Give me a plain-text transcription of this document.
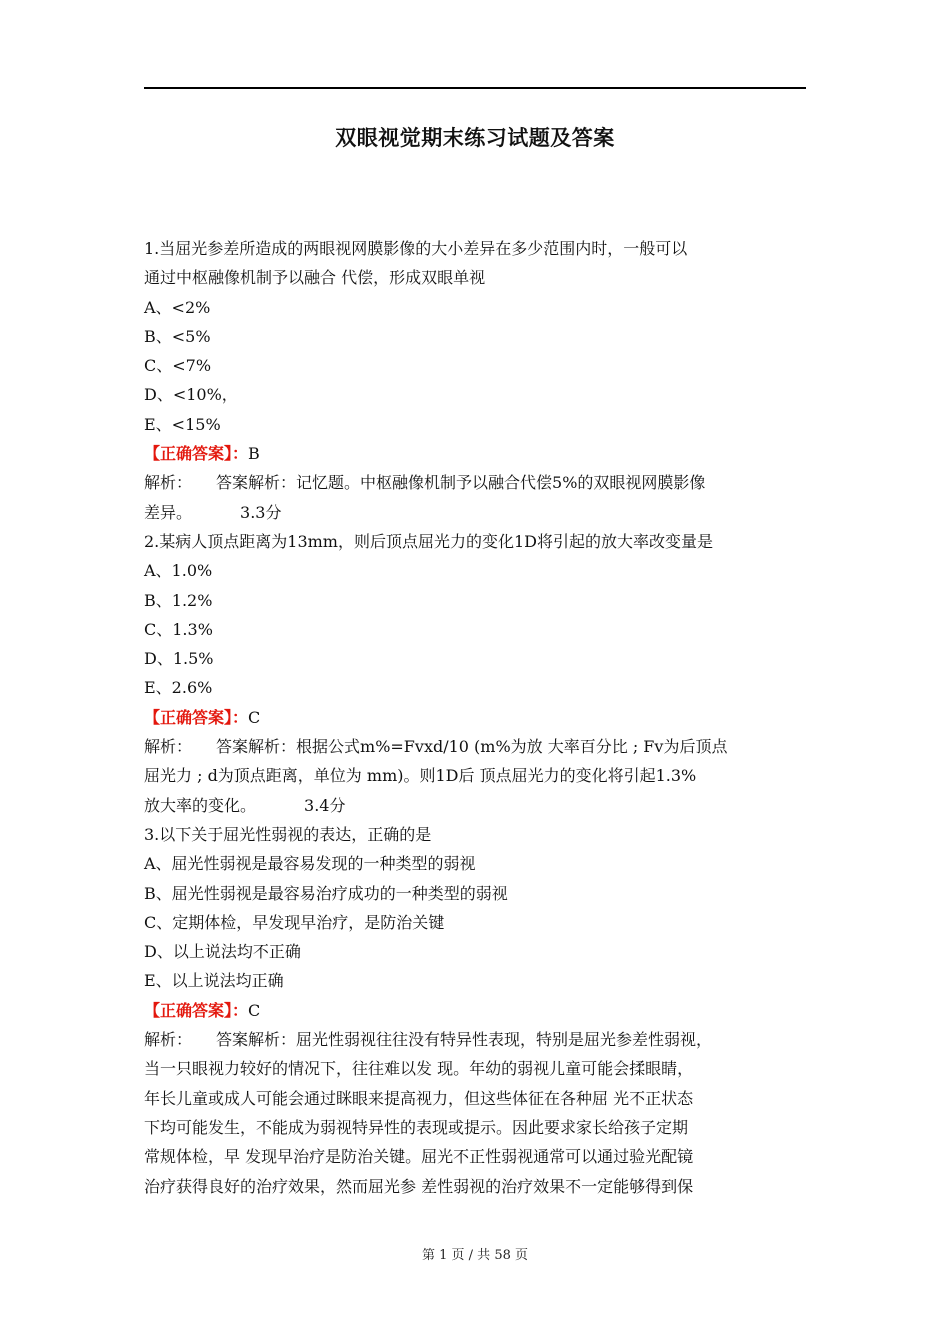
双眼视觉期末练习试题及答案
1.当屈光参差所造成的两眼视网膜影像的大小差异在多少范围内时，一般可以
通过中枢融像机制予以融合 代偿，形成双眼单视
A、<2%
B、<5%
C、<7%
D、<10%，
E、<15%
【正确答案】：B
解析： 答案解析：记忆题。中枢融像机制予以融合代偿5%的双眼视网膜影像
差异。	3.3分
2.某病人顶点距离为13mm，则后顶点屈光力的变化1D将引起的放大率改变量是
A、1.0%
B、1.2%
C、1.3%
D、1.5%
E、2.6%
【正确答案】：C
解析： 答案解析：根据公式m%=Fvxd/10 (m%为放 大率百分比 ; Fv为后顶点
屈光力 ; d为顶点距离，单位为 mm)。则1D后 顶点屈光力的变化将引起1.3%
放大率的变化。	3.4分
3.以下关于屈光性弱视的表达，正确的是
A、屈光性弱视是最容易发现的一种类型的弱视
B、屈光性弱视是最容易治疗成功的一种类型的弱视
C、定期体检，早发现早治疗，是防治关键
D、以上说法均不正确
E、以上说法均正确
【正确答案】：C
解析： 答案解析：屈光性弱视往往没有特异性表现，特别是屈光参差性弱视，
当一只眼视力较好的情况下，往往难以发 现。年幼的弱视儿童可能会揉眼睛，
年长儿童或成人可能会通过眯眼来提高视力，但这些体征在各种屈 光不正状态
下均可能发生，不能成为弱视特异性的表现或提示。因此要求家长给孩子定期
常规体检，早 发现早治疗是防治关键。屈光不正性弱视通常可以通过验光配镜
治疗获得良好的治疗效果，然而屈光参 差性弱视的治疗效果不一定能够得到保
第 1 页 / 共 58 页
